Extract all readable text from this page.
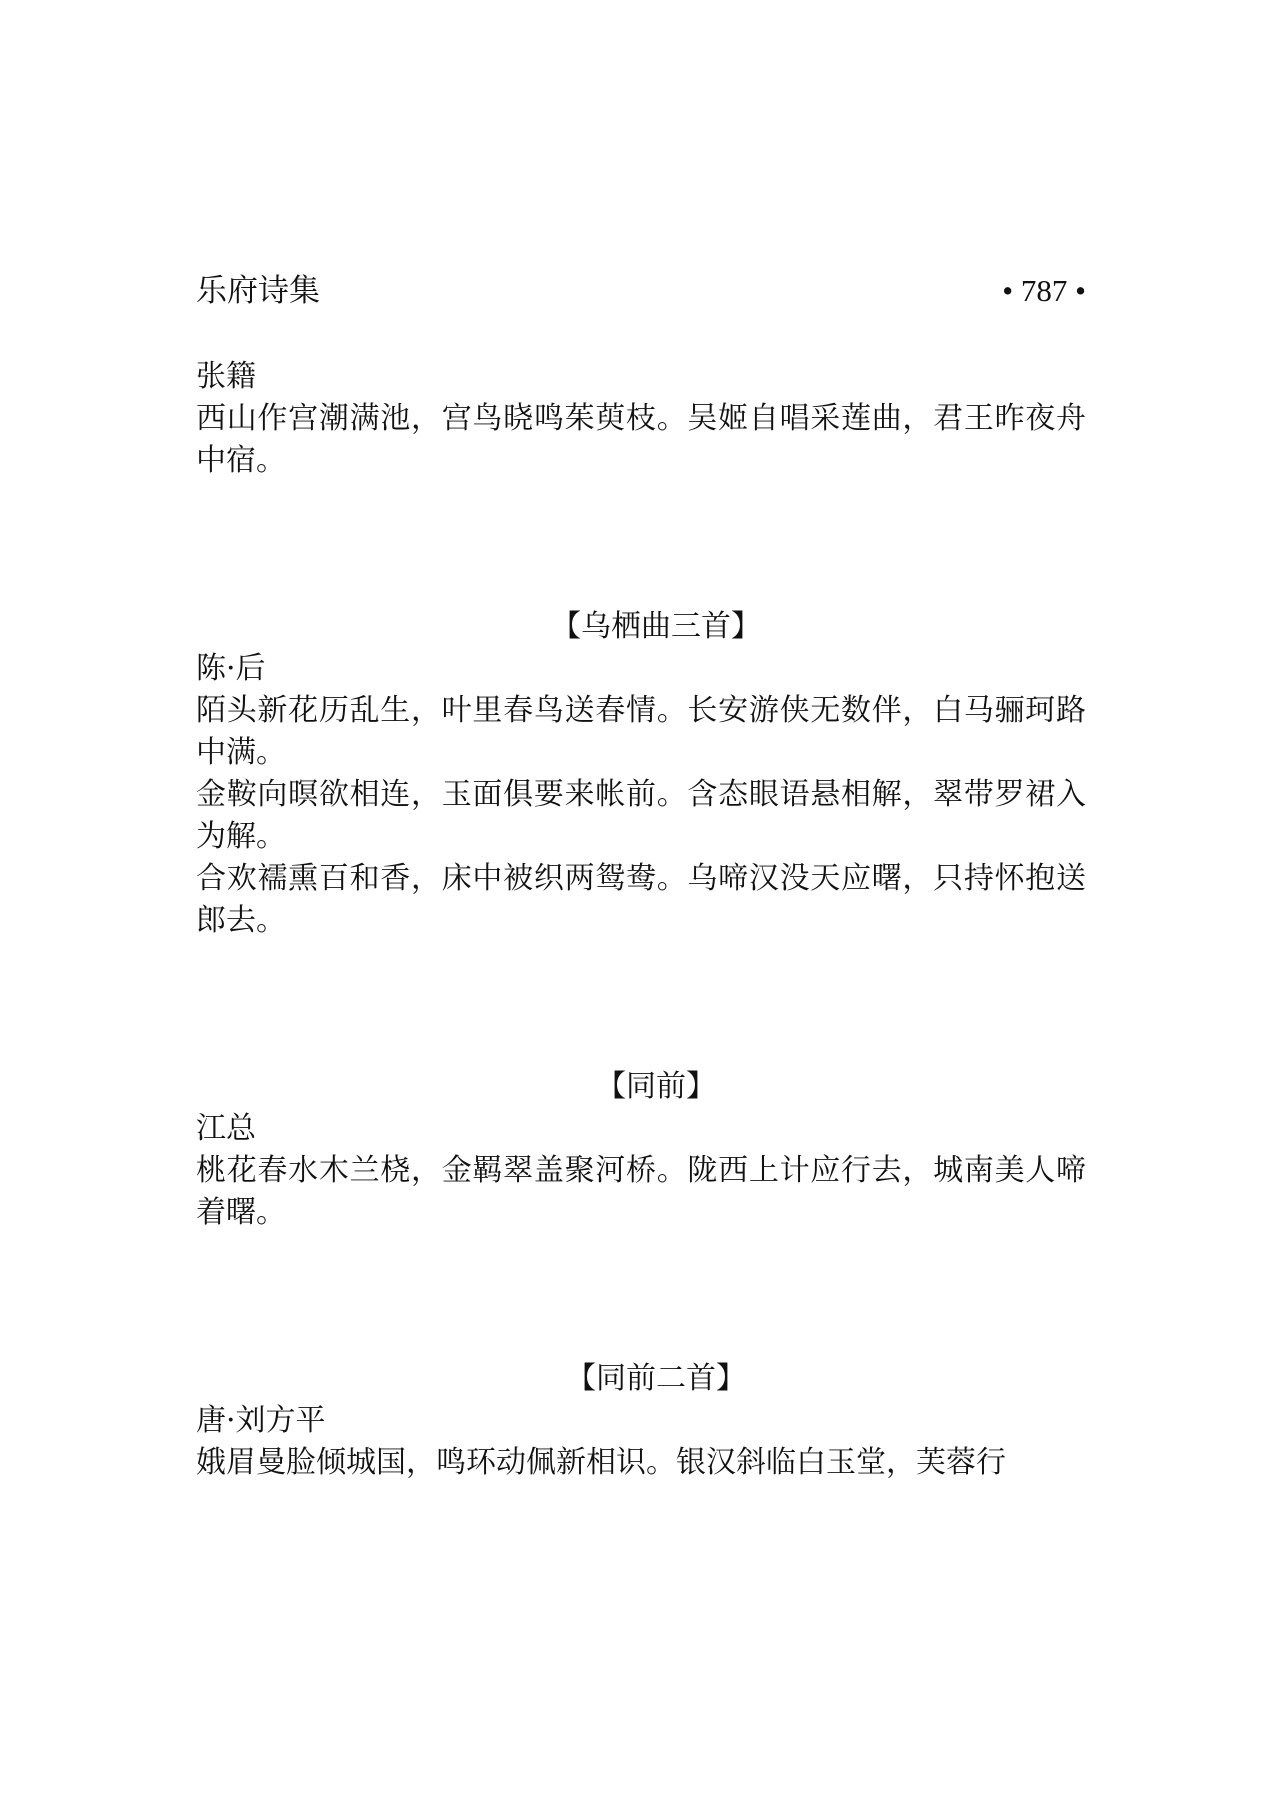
乐府诗集	• 787 •

张籍

西山作宫潮满池，宫鸟晓鸣茱萸枝。吴姬自唱采莲曲，君王昨夜舟中宿。

【乌栖曲三首】

陈·后

陌头新花历乱生，叶里春鸟送春情。长安游侠无数伴，白马骊珂路中满。

金鞍向暝欲相连，玉面俱要来帐前。含态眼语悬相解，翠带罗裙入为解。

合欢襦熏百和香，床中被织两鸳鸯。乌啼汉没天应曙，只持怀抱送郎去。

【同前】

江总

桃花春水木兰桡，金羁翠盖聚河桥。陇西上计应行去，城南美人啼着曙。

【同前二首】

唐·刘方平

娥眉曼脸倾城国，鸣环动佩新相识。银汉斜临白玉堂，芙蓉行
